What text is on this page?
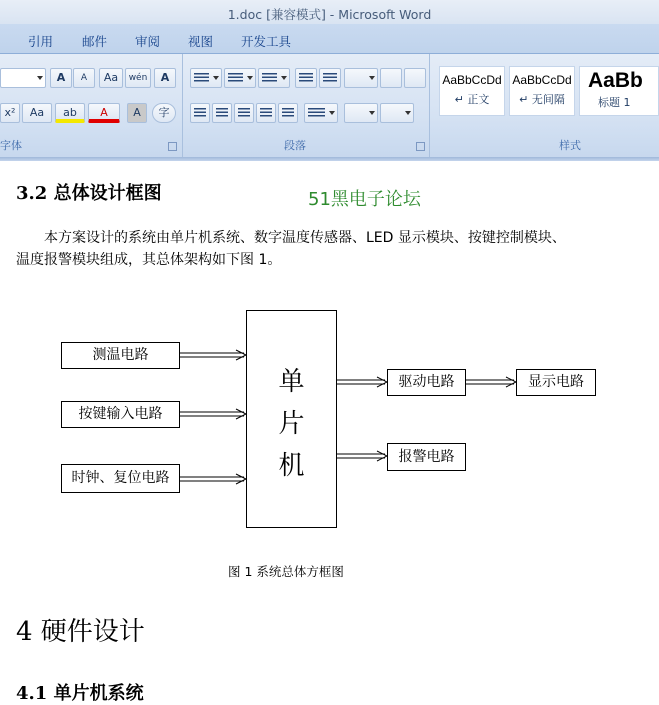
1.doc [兼容模式] - Microsoft Word
引用 邮件 审阅 视图 开发工具
A	A	Aa	wén	A
x²	Aa	ab	A	A	字
字体	段落
AaBbCcDd
↵ 正文
AaBbCcDd
↵ 无间隔
AaBb
标题 1
样式
3.2 总体设计框图	51黑电子论坛
本方案设计的系统由单片机系统、数字温度传感器、LED 显示模块、按键控制模块、温度报警模块组成，其总体架构如下图 1。
测温电路
按键输入电路
时钟、复位电路
单
片
机
驱动电路	显示电路
报警电路
图 1 系统总体方框图
4 硬件设计
4.1 单片机系统
